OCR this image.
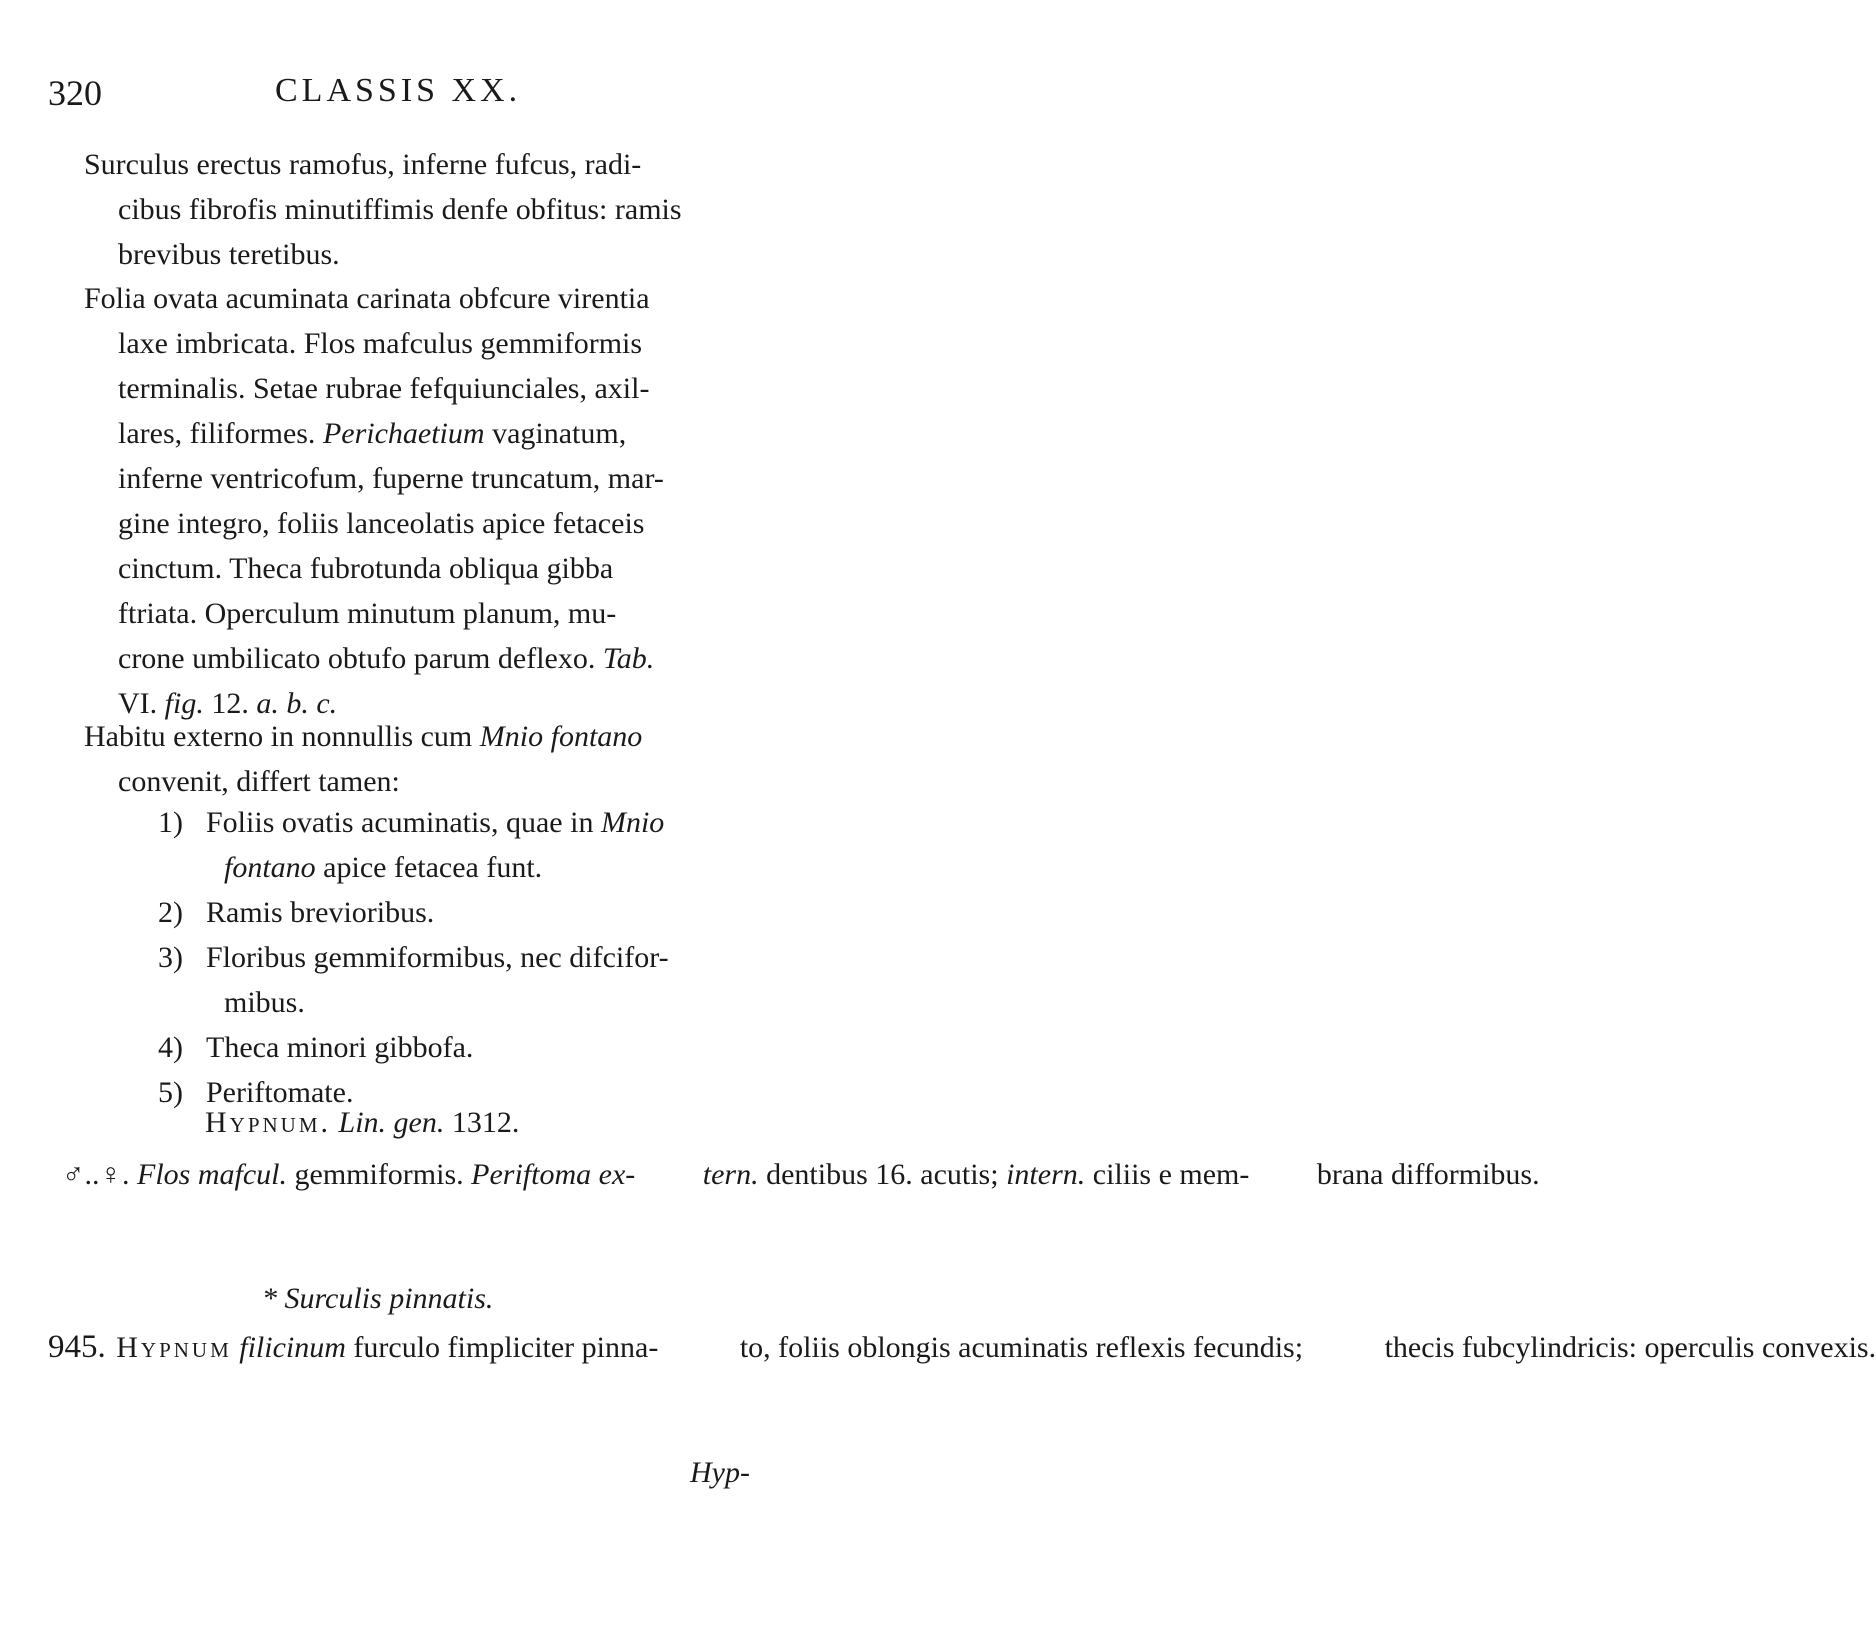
320	CLASSIS XX.
Surculus erectus ramofus, inferne fufcus, radi-
cibus fibrofis minutiffimis denfe obfitus: ramis
brevibus teretibus.
Folia ovata acuminata carinata obfcure virentia
laxe imbricata. Flos mafculus gemmiformis
terminalis. Setae rubrae fefquiunciales, axil-
lares, filiformes. Perichaetium vaginatum,
inferne ventricofum, fuperne truncatum, mar-
gine integro, foliis lanceolatis apice fetaceis
cinctum. Theca fubrotunda obliqua gibba
ftriata. Operculum minutum planum, mu-
crone umbilicato obtufo parum deflexo. Tab.
VI. fig. 12. a. b. c.
Habitu externo in nonnullis cum Mnio fontano
convenit, differt tamen:
1) Foliis ovatis acuminatis, quae in Mnio
fontano apice fetacea funt.
2) Ramis brevioribus.
3) Floribus gemmiformibus, nec difcifor-
mibus.
4) Theca minori gibbofa.
5) Periftomate.
Hypnum. Lin. gen. 1312.
♂..♀. Flos mafcul. gemmiformis. Periftoma ex- tern. dentibus 16. acutis; intern. ciliis e mem- brana difformibus.
* Surculis pinnatis.
945. Hypnum filicinum furculo fimpliciter pinna-	to, foliis oblongis acuminatis reflexis fecundis;	thecis fubcylindricis: operculis convexis.
Hyp-
